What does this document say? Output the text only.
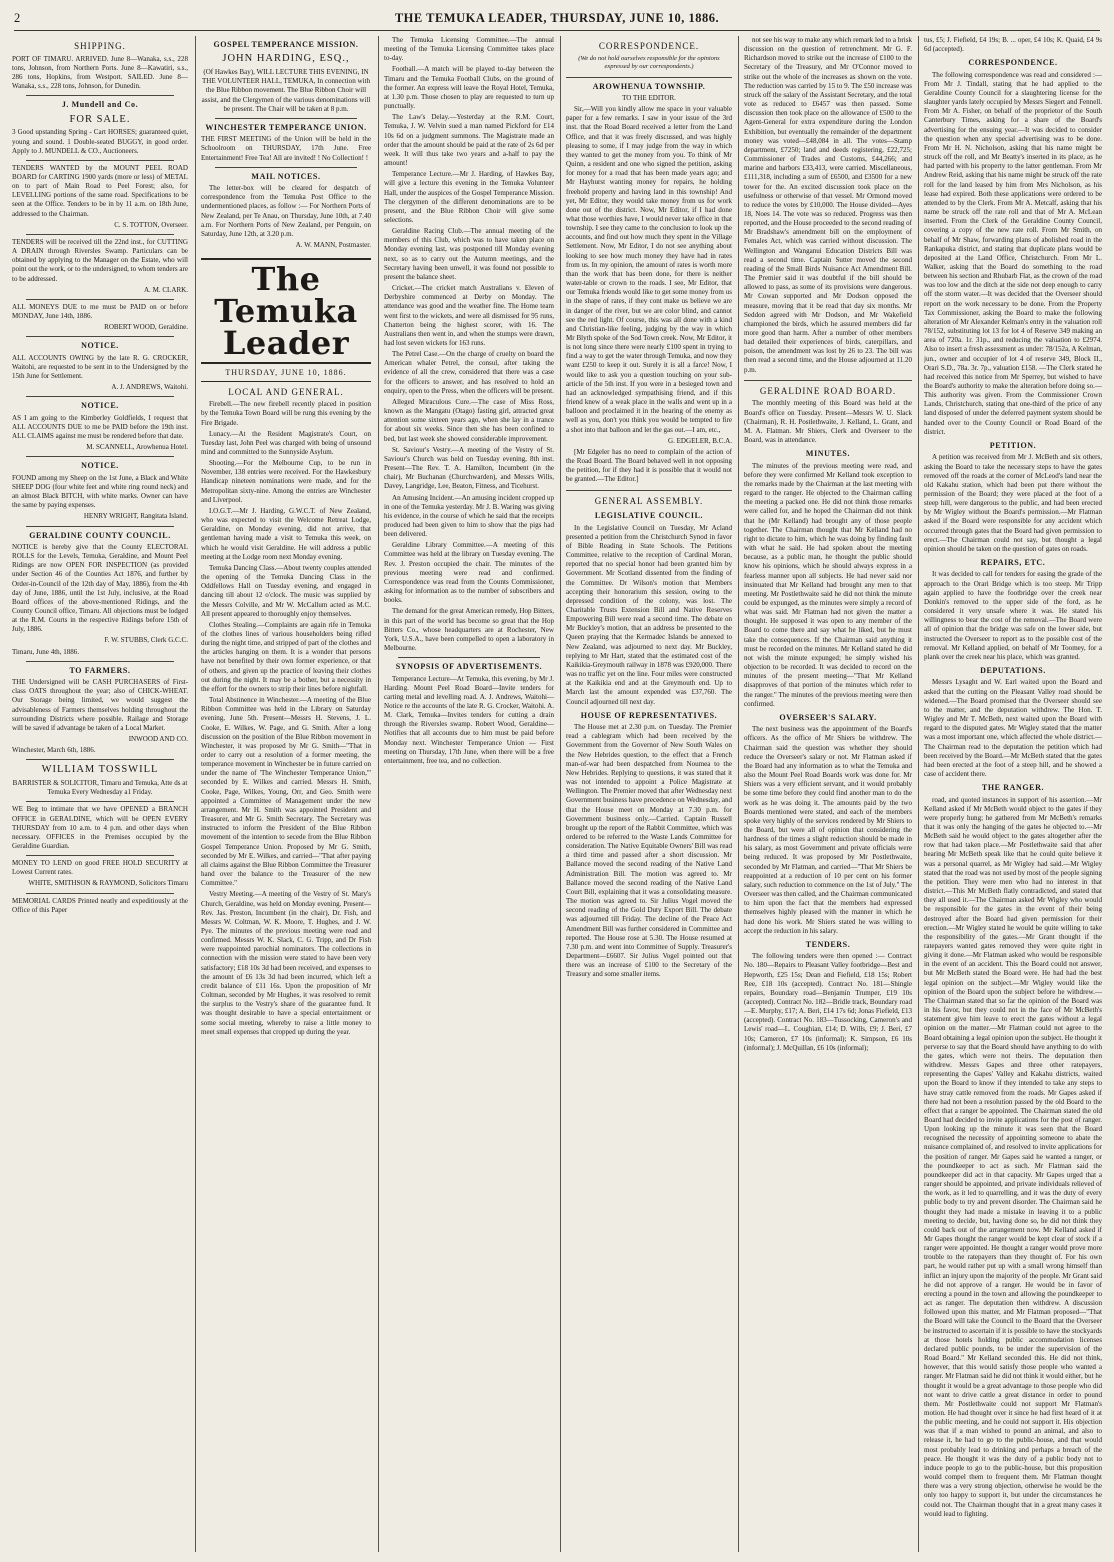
2	THE TEMUKA LEADER, THURSDAY, JUNE 10, 1886.
SHIPPING.

PORT OF TIMARU. ARRIVED. June 8—Wanaka, s.s., 228 tons, Johnson, from Northern Ports. June 8—Kawatiri, s.s., 286 tons, Hopkins, from Westport. SAILED. June 8—Wanaka, s.s., 228 tons, Johnson, for Dunedin.

J. Mundell and Co.
FOR SALE.

3 Good upstanding Spring - Cart HORSES; guaranteed quiet, young and sound. 1 Double-seated BUGGY, in good order. Apply to J. MUNDELL & CO., Auctioneers.

TENDERS WANTED by the MOUNT PEEL ROAD BOARD for CARTING 1900 yards (more or less) of METAL on to part of Main Road to Peel Forest; also, for LEVELLING portions of the same road. Specifications to be seen at the Office. Tenders to be in by 11 a.m. on 18th June, addressed to the Chairman.

C. S. TOTTON, Overseer.

TENDERS will be received till the 22nd inst., for CUTTING A DRAIN through Riversles Swamp. Particulars can be obtained by applying to the Manager on the Estate, who will point out the work, or to the undersigned, to whom tenders are to be addressed.

A. M. CLARK.

ALL MONEYS DUE to me must be PAID on or before MONDAY, June 14th, 1886.

ROBERT WOOD, Geraldine.

NOTICE.

ALL ACCOUNTS OWING by the late R. G. CROCKER, Waitohi, are requested to be sent in to the Undersigned by the 15th June for Settlement.

A. J. ANDREWS, Waitohi.

NOTICE.

AS I am going to the Kimberley Goldfields, I request that ALL ACCOUNTS DUE to me be PAID before the 19th inst. ALL CLAIMS against me must be rendered before that date.

M. SCANNELL, Arowhenua Hotel.

NOTICE.

FOUND among my Sheep on the 1st June, a Black and White SHEEP DOG (four white feet and white ring round neck) and an almost Black BITCH, with white marks. Owner can have the same by paying expenses.

HENRY WRIGHT, Rangitata Island.

GERALDINE COUNTY COUNCIL.

NOTICE is hereby give that the County ELECTORAL ROLLS for the Levels, Temuka, Geraldine, and Mount Peel Ridings are now OPEN FOR INSPECTION (as provided under Section 46 of the Counties Act 1876, and further by Order-in-Council of the 12th day of May, 1886), from the 4th day of June, 1886, until the 1st July, inclusive, at the Road Board offices of the above-mentioned Ridings, and the County Council office, Timaru. All objections must be lodged at the R.M. Courts in the respective Ridings before 15th of July, 1886.

F. W. STUBBS, Clerk G.C.C.

Timaru, June 4th, 1886.

TO FARMERS.

THE Undersigned will be CASH PURCHASERS of First-class OATS throughout the year; also of CHICK-WHEAT. Our Storage being limited, we would suggest the advisableness of Farmers themselves holding throughout the surrounding Districts where possible. Railage and Storage will be saved if advantage be taken of a Local Market.

INWOOD AND CO.

Winchester, March 6th, 1886.

WILLIAM TOSSWILL

BARRISTER & SOLICITOR, Timaru and Temuka, Atte ds at Temuka Every Wednesday a1 Friday.

WE Beg to intimate that we have OPENED a BRANCH OFFICE in GERALDINE, which will be OPEN EVERY THURSDAY from 10 a.m. to 4 p.m. and other days when necessary. OFFICES in the Premises occupied by the Geraldine Guardian.

MONEY TO LEND on good FREE HOLD SECURITY at Lowest Current rates.

WHITE, SMITHSON & RAYMOND, Solicitors Timaru

MEMORIAL CARDS Printed neatly and expeditiously at the Office of this Paper

GOSPEL TEMPERANCE MISSION.
JOHN HARDING, ESQ.,

(Of Hawkes Bay), WILL LECTURE THIS EVENING, IN THE VOLUNTEER HALL, TEMUKA, In connection with the Blue Ribbon movement. The Blue Ribbon Choir will assist, and the Clergymen of the various denominations will be present. The Chair will be taken at 8 p.m.

WINCHESTER TEMPERANCE UNION.

THE FIRST MEETING of the Union will be held in the Schoolroom on THURSDAY, 17th June. Free Entertainment! Free Tea! All are invited! ! No Collection! !

MAIL NOTICES.

The letter-box will be cleared for despatch of correspondence from the Temuka Post Office to the undermentioned places, as follow :— For Northern Ports of New Zealand, per Te Anau, on Thursday, June 10th, at 7.40 a.m. For Northern Ports of New Zealand, per Penguin, on Saturday, June 12th, at 3.20 p.m.

A. W. MANN, Postmaster.

The Temuka Leader
THURSDAY, JUNE 10, 1886.
LOCAL AND GENERAL.

Firebell.—The new firebell recently placed in position by the Temuka Town Board will be rung this evening by the Fire Brigade.

Lunacy.—At the Resident Magistrate's Court, on Tuesday last, John Peel was charged with being of unsound mind and committed to the Sunnyside Asylum.

Shooting.—For the Melbourne Cup, to be run in November, 138 entries were received. For the Hawkesbury Handicap nineteen nominations were made, and for the Metropolitan sixty-nine. Among the entries are Winchester and Liverpool.

I.O.G.T.—Mr J. Harding, G.W.C.T. of New Zealand, who was expected to visit the Welcome Retreat Lodge, Geraldine, on Monday evening, did not arrive, that gentleman having made a visit to Temuka this week, on which he would visit Geraldine. He will address a public meeting at the Lodge room next Monday evening.

Temuka Dancing Class.—About twenty couples attended the opening of the Temuka Dancing Class in the Oddfellows Hall on Tuesday evening, and engaged in dancing till about 12 o'clock. The music was supplied by the Messrs Colville, and Mr W. McCallum acted as M.C. All present appeared to thoroughly enjoy themselves.

Clothes Stealing.—Complaints are again rife in Temuka of the clothes lines of various householders being rifled during the night time, and stripped of part of the clothes and the articles hanging on them. It is a wonder that persons have not benefited by their own former experience, or that of others, and given up the practice of leaving their clothes out during the night. It may be a bother, but a necessity in the effort for the owners to strip their lines before nightfall.

Total Abstinence in Winchester.—A meeting of the Blue Ribbon Committee was held in the Library on Saturday evening, June 5th. Present—Messrs H. Stevens, J. L. Cooke, E. Wilkes, W. Page, and G. Smith. After a long discussion on the position of the Blue Ribbon movement in Winchester, it was proposed by Mr G. Smith—"That in order to carry out a resolution of a former meeting, the temperance movement in Winchester be in future carried on under the name of 'The Winchester Temperance Union,'" seconded by E. Wilkes and carried. Messrs H. Smith, Cooke, Page, Wilkes, Young, Orr, and Geo. Smith were appointed a Committee of Management under the new arrangement. Mr H. Smith was appointed President and Treasurer, and Mr G. Smith Secretary. The Secretary was instructed to inform the President of the Blue Ribbon movement of the intention to secede from the Blue Ribbon Gospel Temperance Union. Proposed by Mr G. Smith, seconded by Mr E. Wilkes, and carried—"That after paying all claims against the Blue Ribbon Committee the Treasurer hand over the balance to the Treasurer of the new Committee."

Vestry Meeting.—A meeting of the Vestry of St. Mary's Church, Geraldine, was held on Monday evening. Present—Rev. Jas. Preston, Incumbent (in the chair), Dr. Fish, and Messrs W. Coltman, W. K. Moore, T. Hughes, and J. W. Pye. The minutes of the previous meeting were read and confirmed. Messrs W. K. Slack, C. G. Tripp, and Dr Fish were reappointed parochial nominators. The collections in connection with the mission were stated to have been very satisfactory; £18 10s 3d had been received, and expenses to the amount of £6 13s 3d had been incurred, which left a credit balance of £11 16s. Upon the proposition of Mr Coltman, seconded by Mr Hughes, it was resolved to remit the surplus to the Vestry's share of the guarantee fund. It was thought desirable to have a special entertainment or some social meeting, whereby to raise a little money to meet small expenses that cropped up during the year.

The Temuka Licensing Committee.—The annual meeting of the Temuka Licensing Committee takes place to-day.

Football.—A match will be played to-day between the Timaru and the Temuka Football Clubs, on the ground of the former. An express will leave the Royal Hotel, Temuka, at 1.30 p.m. Those chosen to play are requested to turn up punctually.

The Law's Delay.—Yesterday at the R.M. Court, Temuka, J. W. Velvin sued a man named Pickford for £14 10s 6d on a judgment summons. The Magistrate made an order that the amount should be paid at the rate of 2s 6d per week. It will thus take two years and a-half to pay the amount!

Temperance Lecture.—Mr J. Harding, of Hawkes Bay, will give a lecture this evening in the Temuka Volunteer Hall, under the auspices of the Gospel Temperance Mission. The clergymen of the different denominations are to be present, and the Blue Ribbon Choir will give some selections.

Geraldine Racing Club.—The annual meeting of the members of this Club, which was to have taken place on Monday evening last, was postponed till Monday evening next, so as to carry out the Autumn meetings, and the Secretary having been unwell, it was found not possible to present the balance sheet.

Cricket.—The cricket match Australians v. Eleven of Derbyshire commenced at Derby on Monday. The attendance was good and the weather fine. The Home team went first to the wickets, and were all dismissed for 95 runs, Chatterton being the highest scorer, with 16. The Australians then went in, and when the stumps were drawn, had lost seven wickets for 163 runs.

The Petrel Case.—On the charge of cruelty on board the American whaler Petrel, the consul, after taking the evidence of all the crew, considered that there was a case for the officers to answer, and has resolved to hold an enquiry, open to the Press, when the officers will be present.

Alleged Miraculous Cure.—The case of Miss Ross, known as the Mangatu (Otago) fasting girl, attracted great attention some sixteen years ago, when she lay in a trance for about six weeks. Since then she has been confined to bed, but last week she showed considerable improvement.

St. Saviour's Vestry.—A meeting of the Vestry of St. Saviour's Church was held on Tuesday evening, 8th inst. Present—The Rev. T. A. Hamilton, Incumbent (in the chair), Mr Buchanan (Churchwarden), and Messrs Wills, Davey, Langridge, Lee, Beaton, Fitness, and Ticehurst.

An Amusing Incident.—An amusing incident cropped up in one of the Temuka yesterday. Mr J. B. Waring was giving his evidence, in the course of which he said that the receipts produced had been given to him to show that the pigs had been delivered.

Geraldine Library Committee.—A meeting of this Committee was held at the library on Tuesday evening. The Rev. J. Preston occupied the chair. The minutes of the previous meeting were read and confirmed. Correspondence was read from the Counts Commissioner, asking for information as to the number of subscribers and books.

The demand for the great American remedy, Hop Bitters, in this part of the world has become so great that the Hop Bitters Co., whose headquarters are at Rochester, New York, U.S.A., have been compelled to open a laboratory in Melbourne.

SYNOPSIS OF ADVERTISEMENTS.

Temperance Lecture—At Temuka, this evening, by Mr J. Harding. Mount Peel Road Board—Invite tenders for carting metal and levelling road. A. J. Andrews, Waitohi—Notice re the accounts of the late R. G. Crocker, Waitohi. A. M. Clark, Temuka—Invites tenders for cutting a drain through the Riversles swamp. Robert Wood, Geraldine—Notifies that all accounts due to him must be paid before Monday next. Winchester Temperance Union — First meeting on Thursday, 17th June, when there will be a free entertainment, free tea, and no collection.

CORRESPONDENCE.
(We do not hold ourselves responsible for the opinions expressed by our correspondents.)
AROWHENUA TOWNSHIP.

TO THE EDITOR.

Sir,—Will you kindly allow me space in your valuable paper for a few remarks. I saw in your issue of the 3rd inst. that the Road Board received a letter from the Land Office, and that it was freely discussed, and was highly pleasing to some, if I may judge from the way in which they wanted to get the money from you. To think of Mr Quinn, a resident and one who signed the petition, asking for money for a road that has been made years ago; and Mr Hayhurst wanting money for repairs, he holding freehold property and having land in this township! And yet, Mr Editor, they would take money from us for work done out of the district. Now, Mr Editor, if I had done what those worthies have, I would never take office in that township. I see they came to the conclusion to look up the accounts, and find out how much they spent in the Village Settlement. Now, Mr Editor, I do not see anything about looking to see how much money they have had in rates from us. In my opinion, the amount of rates is worth more than the work that has been done, for there is neither water-table or crown to the roads. I see, Mr Editor, that our Temuka friends would like to get some money from us in the shape of rates, if they cont make us believe we are in danger of the river, but we are color blind, and cannot see the red light. Of course, this was all done with a kind and Christian-like feeling, judging by the way in which Mr Blyth spoke of the Sod Town creek. Now, Mr Editor, it is not long since there were nearly £100 spent in trying to find a way to get the water through Temuka, and now they want £250 to keep it out. Surely it is all a farce! Now, I would like to ask you a question touching on your sub-article of the 5th inst. If you were in a besieged town and had an acknowledged sympathising friend, and if this friend knew of a weak place in the walls and went up in a balloon and proclaimed it in the hearing of the enemy as well as you, don't you think you would be tempted to fire a shot into that balloon and let the gas out.—I am, etc.,

G. EDGELER, B.C.A.

[Mr Edgeler has no need to complain of the action of the Road Board. The Board behaved well in not opposing the petition, for if they had it is possible that it would not be granted.—The Editor.]

GENERAL ASSEMBLY.
LEGISLATIVE COUNCIL.

In the Legislative Council on Tuesday, Mr Acland presented a petition from the Christchurch Synod in favor of Bible Reading in State Schools. The Petitions Committee, relative to the reception of Cardinal Moran, reported that no special honor had been granted him by Government. Mr Scotland dissented from the finding of the Committee. Dr Wilson's motion that Members accepting their honorarium this session, owing to the depressed condition of the colony, was lost. The Charitable Trusts Extension Bill and Native Reserves Empowering Bill were read a second time. The debate on Mr Buckley's motion, that an address be presented to the Queen praying that the Kermadec Islands be annexed to New Zealand, was adjourned to next day. Mr Buckley, replying to Mr Hart, stated that the estimated cost of the Kaikikia-Greymouth railway in 1878 was £920,000. There was no traffic yet on the line. Four miles were constructed at the Kaikikia end and at the Greymouth end. Up to March last the amount expended was £37,760. The Council adjourned till next day.

HOUSE OF REPRESENTATIVES.

The House met at 2.30 p.m. on Tuesday. The Premier read a cablegram which had been received by the Government from the Governor of New South Wales on the New Hebrides question, to the effect that a French man-of-war had been despatched from Noumea to the New Hebrides. Replying to questions, it was stated that it was not intended to appoint a Police Magistrate at Wellington. The Premier moved that after Wednesday next Government business have precedence on Wednesday, and that the House meet on Monday at 7.30 p.m. for Government business only.—Carried. Captain Russell brought up the report of the Rabbit Committee, which was ordered to be referred to the Waste Lands Committee for consideration. The Native Equitable Owners' Bill was read a third time and passed after a short discussion. Mr Ballance moved the second reading of the Native Land Administration Bill. The motion was agreed to. Mr Ballance moved the second reading of the Native Land Court Bill, explaining that it was a consolidating measure. The motion was agreed to. Sir Julius Vogel moved the second reading of the Gold Duty Export Bill. The debate was adjourned till Friday. The decline of the Peace Act Amendment Bill was further considered in Committee and reported. The House rose at 5.30. The House resumed at 7.30 p.m. and went into Committee of Supply. Treasurer's Department—£6607. Sir Julius Vogel pointed out that there was an increase of £100 to the Secretary of the Treasury and some smaller items.

not see his way to make any which remark led to a brisk discussion on the question of retrenchment. Mr G. F. Richardson moved to strike out the increase of £100 to the Secretary of the Treasury, and Mr O'Connor moved to strike out the whole of the increases as shown on the vote. The reduction was carried by 15 to 9. The £50 increase was struck off the salary of the Assistant Secretary, and the total vote as reduced to £6457 was then passed. Some discussion then took place on the allowance of £500 to the Agent-General for extra expenditure during the London Exhibition, but eventually the remainder of the department money was voted—£48,084 in all. The votes—Stamp department, £7250; land and deeds registering, £22,725; Commissioner of Trades and Customs, £44,266; and marine and harbors £33,413, were carried. Miscellaneous, £111,318, including a sum of £6500, and £3500 for a new tower for the. An excited discussion took place on the usefulness or otherwise of that vessel. Mr Ormond moved to reduce the votes by £10,000. The House divided—Ayes 18, Noes 14. The vote was so reduced. Progress was then reported, and the House proceeded to the second reading of Mr Bradshaw's amendment bill on the employment of Females Act, which was carried without discussion. The Wellington and Wanganui Education Districts Bill was read a second time. Captain Sutter moved the second reading of the Small Birds Nuisance Act Amendment Bill. The Premier said it was doubtful if the bill should be allowed to pass, as some of its provisions were dangerous. Mr Cowan supported and Mr Dodson opposed the measure, moving that it be read that day six months. Mr Seddon agreed with Mr Dodson, and Mr Wakefield championed the birds, which he assured members did far more good than harm. After a number of other members had detailed their experiences of birds, caterpillars, and poison, the amendment was lost by 26 to 23. The bill was then read a second time, and the House adjourned at 11.20 p.m.

GERALDINE ROAD BOARD.

The monthly meeting of this Board was held at the Board's office on Tuesday. Present—Messrs W. U. Slack (Chairman), R. H. Postlethwaite, J. Kelland, L. Grant, and M. A. Flatman. Mr Shiers, Clerk and Overseer to the Board, was in attendance.

MINUTES.

The minutes of the previous meeting were read, and before they were confirmed Mr Kelland took exception to the remarks made by the Chairman at the last meeting with regard to the ranger. He objected to the Chairman calling the meeting a packed one. He did not think those remarks were called for, and he hoped the Chairman did not think that he (Mr Kelland) had brought any of those people together. The Chairman thought that Mr Kelland had no right to dictate to him, which he was doing by finding fault with what he said. He had spoken about the meeting because, as a public man, he thought the public should know his opinions, which he should always express in a fearless manner upon all subjects. He had never said nor insinuated that Mr Kelland had brought any men to that meeting. Mr Postlethwaite said he did not think the minute could be expunged, as the minutes were simply a record of what was said. Mr Flatman had not given the matter a thought. He supposed it was open to any member of the Board to come there and say what he liked, but he must take the consequences. If the Chairman said anything it must be recorded on the minutes. Mr Kelland stated he did not wish the minute expunged; he simply wished his objection to be recorded. It was decided to record on the minutes of the present meeting—"That Mr Kelland disapproves of that portion of the minutes which refer to the ranger." The minutes of the previous meeting were then confirmed.

OVERSEER'S SALARY.

The next business was the appointment of the Board's officers. As the office of Mr Shiers be withdrew. The Chairman said the question was whether they should reduce the Overseer's salary or not. Mr Flatman asked if the Board had any information as to what the Temuka and also the Mount Peel Road Boards work was done for. Mr Shiers was a very efficient servant, and it would probably be some time before they could find another man to do the work as he was doing it. The amounts paid by the two Boards mentioned were stated, and each of the members spoke very highly of the services rendered by Mr Shiers to the Board, but were all of opinion that considering the hardness of the times a slight reduction should be made in his salary, as most Government and private officials were being reduced. It was proposed by Mr Postlethwaite, seconded by Mr Flatman, and carried—"That Mr Shiers be reappointed at a reduction of 10 per cent on his former salary, such reduction to commence on the 1st of July." The Overseer was then called, and the Chairman communicated to him upon the fact that the members had expressed themselves highly pleased with the manner in which he had done his work. Mr Shiers stated he was willing to accept the reduction in his salary.

TENDERS.

The following tenders were then opened :— Contract No. 180—Repairs to Pleasant Valley footbridge—Best and Hepworth, £25 15s; Dean and Fiefield, £18 15s; Robert Ree, £18 10s (accepted). Contract No. 181—Shingle repairs, Boundary road—Benjamin Trumper, £19 10s (accepted). Contract No. 182—Bridle track, Boundary road—E. Murphy, £17; A. Beri, £14 17s 6d; Jonas Fiefield, £13 (accepted). Contract No. 183—Tussocking, Cameron's and Lewis' road—L. Coughian, £14; D. Wills, £9; J. Beri, £7 10s; Cameron, £7 10s (informal); K. Simpson, £6 10s (informal); J. McQuillan, £6 10s (informal);

tus, £5; J. Fiefield, £4 19s; B. ... oper, £4 10s; K. Quaid, £4 9s 6d (accepted).

CORRESPONDENCE.

The following correspondence was read and considered :— From Mr J. Tindall, stating that he had applied to the Geraldine County Council for a slaughtering license for the slaughter yards lately occupied by Messrs Siegert and Fennell. From Mr A. Fisher, on behalf of the proprietor of the South Canterbury Times, asking for a share of the Board's advertising for the ensuing year.—It was decided to consider the question when any special advertising was to be done. From Mr H. N. Nicholson, asking that his name might be struck off the roll, and Mr Beatty's inserted in its place, as he had parted with his property to the latter gentleman. From Mr Andrew Reid, asking that his name might be struck off the rate roll for the land leased by him from Mrs Nicholson, as his lease had expired. Both these applications were ordered to be attended to by the Clerk. From Mr A. Metcalf, asking that his name be struck off the rate roll and that of Mr A. McLean inserted. From the Clerk of the Geraldine County Council, covering a copy of the new rate roll. From Mr Smith, on behalf of Mr Shaw, forwarding plans of abolished road in the Rankapuka district, and stating that duplicate plans would be deposited at the Land Office, Christchurch. From Mr L. Walker, asking that the Board do something to the road between his section and Rhubarb Flat, as the crown of the road was too low and the ditch at the side not deep enough to carry off the storm water.—It was decided that the Overseer should report on the work necessary to be done. From the Property Tax Commissioner, asking the Board to make the following alteration of Mr Alexander Kelman's entry in the valuation roll 78/152, substituting lot 13 for lot 4 of Reserve 349 making an area of 720a. 1r. 31p., and reducing the valuation to £2974. Also to insert a fresh assessment as under: 78/152a, A Kelman, jun., owner and occupier of lot 4 of reserve 349, Block II., Orari S.D., 78a. 3r. 7p., valuation £158. —The Clerk stated he had received this notice from Mr Sperrey, but wished to have the Board's authority to make the alteration before doing so.—This authority was given. From the Commissioner Crown Lands, Christchurch, stating that one-third of the price of any land disposed of under the deferred payment system should be handed over to the County Council or Road Board of the district.

PETITION.

A petition was received from Mr J. McBeth and six others, asking the Board to take the necessary steps to have the gates removed off the roads at the corner of McLeod's land near the old Kakahu station, which had been put there without the permission of the Board; they were placed at the foot of a steep hill, were dangerous to the public, and had been erected by Mr Wigley without the Board's permission.—Mr Flatman asked if the Board were responsible for any accident which occurred through gates that the Board had given permission to erect.—The Chairman could not say, but thought a legal opinion should be taken on the question of gates on roads.

REPAIRS, ETC.

It was decided to call for tenders for easing the grade of the approach to the Orari Bridge which is too steep. Mr Tripp again applied to have the footbridge over the creek near Donkin's removed to the upper side of the ford, as he considered it very unsafe where it was. He stated his willingness to bear the cost of the removal.—The Board were all of opinion that the bridge was safe on the lower side, but instructed the Overseer to report as to the possible cost of the removal. Mr Kelland applied, on behalf of Mr Toomey, for a plank over the creek near his place, which was granted.

DEPUTATIONS.

Messrs Lysaght and W. Earl waited upon the Board and asked that the cutting on the Pleasant Valley road should be widened.—The Board promised that the Overseer should see to the matter, and the deputation withdrew. The Hon. T. Wigley and Mr T. McBeth, next waited upon the Board with regard to the disputed gates. Mr Wigley stated that the matter was a most important one, which affected the whole district.—The Chairman read to the deputation the petition which had been received by the Board.—Mr McBeth stated that the gates had been erected at the foot of a steep hill, and he showed a case of accident there.

THE RANGER.

road, and quoted instances in support of his assertion.—Mr Kelland asked if Mr McBeth would object to the gates if they were properly hung; he gathered from Mr McBeth's remarks that it was only the hanging of the gates he objected to.—Mr McBeth said he would object to the gates altogether after the row that had taken place.—Mr Postlethwaite said that after hearing Mr McBeth speak like that he could quite believe it was a personal quarrel, as Mr Wigley had said.—Mr Wigley stated that the road was not used by most of the people signing the petition. They were men who had no interest in that district.—This Mr McBeth flatly contradicted, and stated that they all used it.—The Chairman asked Mr Wigley who would be responsible for the gates in the event of their being destroyed after the Board had given permission for their erection.—Mr Wigley stated he would be quite willing to take the responsibility of the gates.—Mr Grant thought if the ratepayers wanted gates removed they were quite right in giving it done.—Mr Flatman asked who would be responsible in the event of an accident. This the Board could not answer, but Mr McBeth stated the Board were. He had had the best legal opinion on the subject.—Mr Wigley would like the opinion of the Board upon the subject before he withdrew.—The Chairman stated that so far the opinion of the Board was in his favor, but they could not in the face of Mr McBeth's statement give him leave to erect the gates without a legal opinion on the matter.—Mr Flatman could not agree to the Board obtaining a legal opinion upon the subject. He thought it perverse to say that the Board should have anything to do with the gates, which were not theirs. The deputation then withdrew. Messrs Gapes and three other ratepayers, representing the Gapes' Valley and Kakahu districts, waited upon the Board to know if they intended to take any steps to have stray cattle removed from the roads. Mr Gapes asked if there had not been a resolution passed by the old Board to the effect that a ranger be appointed. The Chairman stated the old Board had decided to invite applications for the post of ranger. Upon looking up the minute it was seen that the Board recognised the necessity of appointing someone to abate the nuisance complained of, and resolved to invite applications for the position of ranger. Mr Gapes said he wanted a ranger, or the poundkeeper to act as such. Mr Flatman said the poundkeeper did act in that capacity. Mr Gapes urged that a ranger should be appointed, and private individuals relieved of the work, as it led to quarrelling, and it was the duty of every public body to try and prevent disorder. The Chairman said he thought they had made a mistake in leaving it to a public meeting to decide, but, having done so, he did not think they could back out of the arrangement now. Mr Kelland asked if Mr Gapes thought the ranger would be kept clear of stock if a ranger were appointed. He thought a ranger would prove more trouble to the ratepayers than they thought of. For his own part, he would rather put up with a small wrong himself than inflict an injury upon the majority of the people. Mr Grant said he did not approve of a ranger. He would be in favor of erecting a pound in the town and allowing the poundkeeper to act as ranger. The deputation then withdrew. A discussion followed upon this matter, and Mr Flatman proposed—"That the Board will take the Council to the Board that the Overseer be instructed to ascertain if it is possible to have the stockyards at those hotels holding public accommodation licenses declared public pounds, to be under the supervision of the Road Board." Mr Kelland seconded this. He did not think, however, that this would satisfy those people who wanted a ranger. Mr Flatman said he did not think it would either, but he thought it would be a great advantage to those people who did not want to drive cattle a great distance in order to pound them. Mr Postlethwaite could not support Mr Flatman's motion. He had thought over it since he had first heard of it at the public meeting, and he could not support it. His objection was that if a man wished to pound an animal, and also to release it, he had to go to the public-house, and that would most probably lead to drinking and perhaps a breach of the peace. He thought it was the duty of a public body not to induce people to go to the public-house, but this proposition would compel them to frequent them. Mr Flatman thought there was a very strong objection, otherwise he would be the only too happy to support it, but under the circumstances he could not. The Chairman thought that in a great many cases it would lead to fighting.
